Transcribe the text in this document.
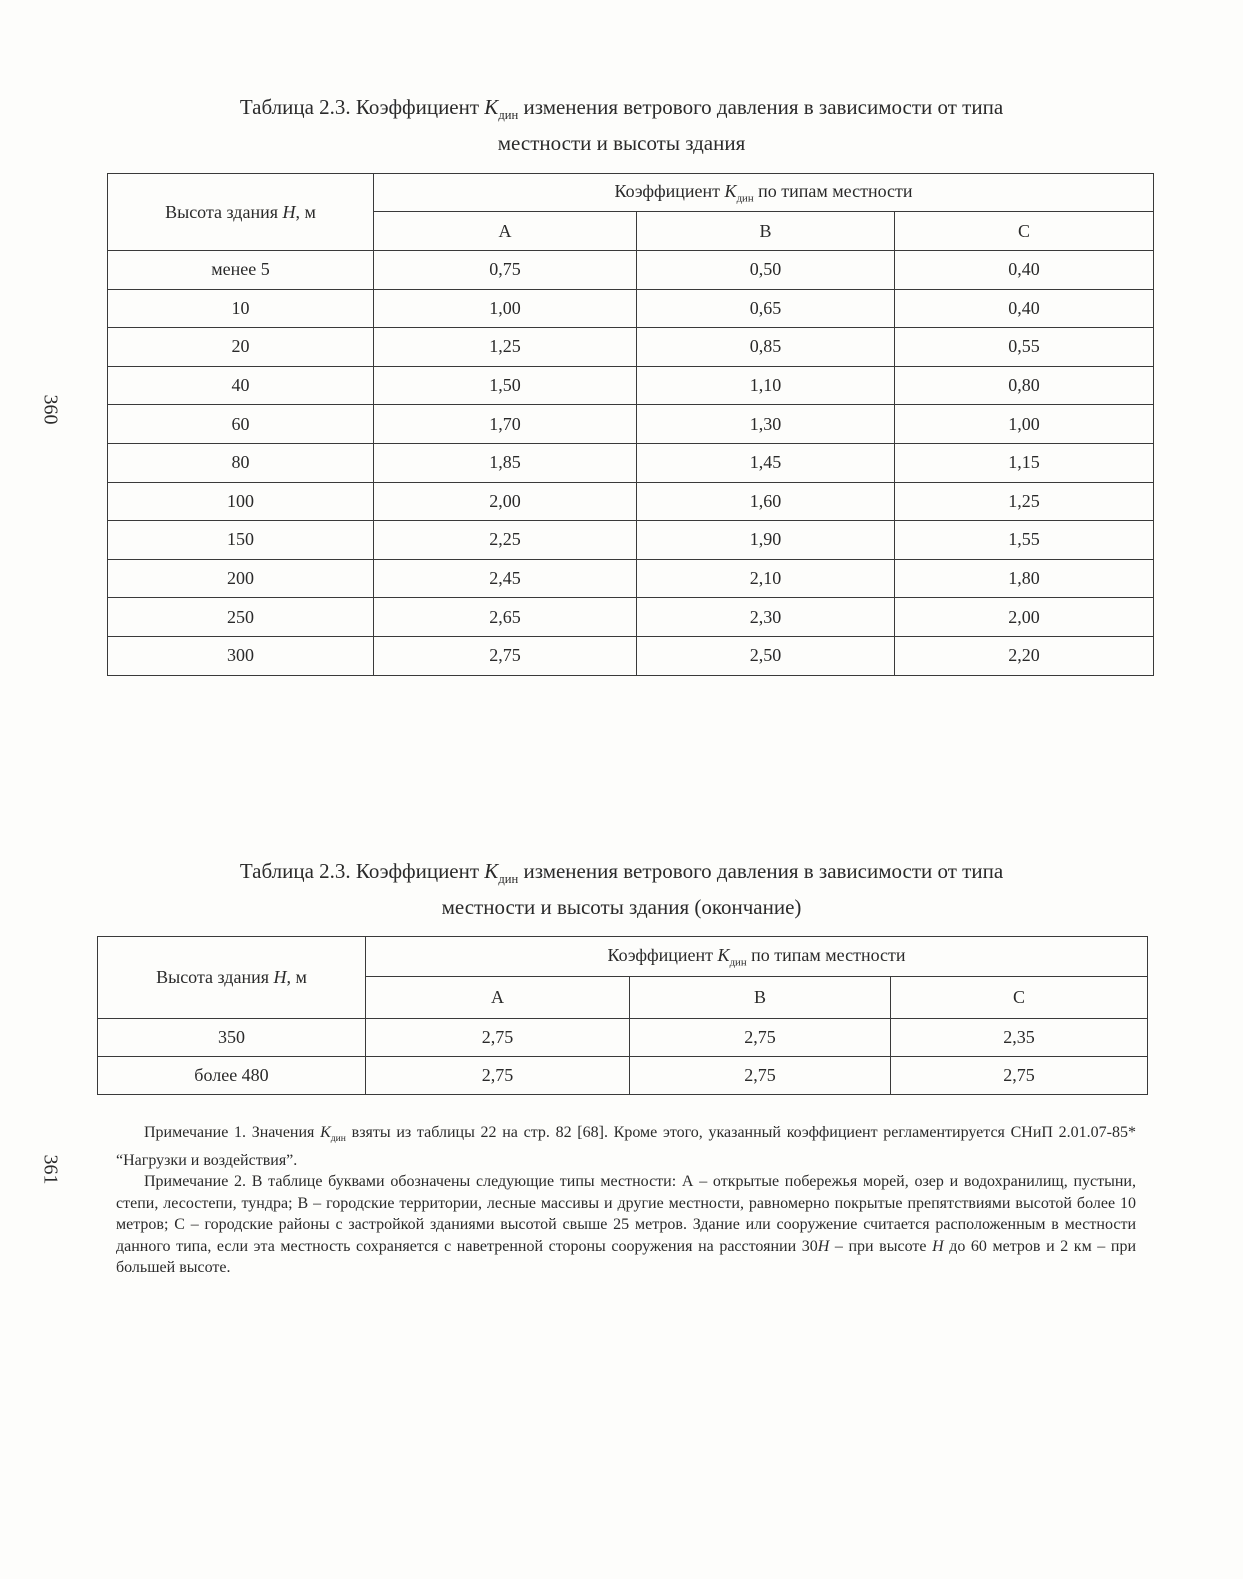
360
361
Таблица 2.3. Коэффициент $K_{дин}$ изменения ветрового давления в зависимости от типа
местности и высоты здания
Высота здания H, м	Коэффициент $K_{дин}$ по типам местности		
	A	B	C
менее 5	0,75	0,50	0,40
10	1,00	0,65	0,40
20	1,25	0,85	0,55
40	1,50	1,10	0,80
60	1,70	1,30	1,00
80	1,85	1,45	1,15
100	2,00	1,60	1,25
150	2,25	1,90	1,55
200	2,45	2,10	1,80
250	2,65	2,30	2,00
300	2,75	2,50	2,20
Таблица 2.3. Коэффициент $K_{дин}$ изменения ветрового давления в зависимости от типа
местности и высоты здания (окончание)
Высота здания H, м	Коэффициент $K_{дин}$ по типам местности		
	A	B	C
350	2,75	2,75	2,35
более 480	2,75	2,75	2,75

Примечание 1. Значения $K_{дин}$ взяты из таблицы 22 на стр. 82 [68]. Кроме этого, указанный коэффициент регламентируется СНиП 2.01.07-85* “Нагрузки и воздействия”.

Примечание 2. В таблице буквами обозначены следующие типы местности: А – открытые побережья морей, озер и водохранилищ, пустыни, степи, лесостепи, тундра; В – городские территории, лесные массивы и другие местности, равномерно покрытые препятствиями высотой более 10 метров; С – городские районы с застройкой зданиями высотой свыше 25 метров. Здание или сооружение считается расположенным в местности данного типа, если эта местность сохраняется с наветренной стороны сооружения на расстоянии 30H – при высоте H до 60 метров и 2 км – при большей высоте.
